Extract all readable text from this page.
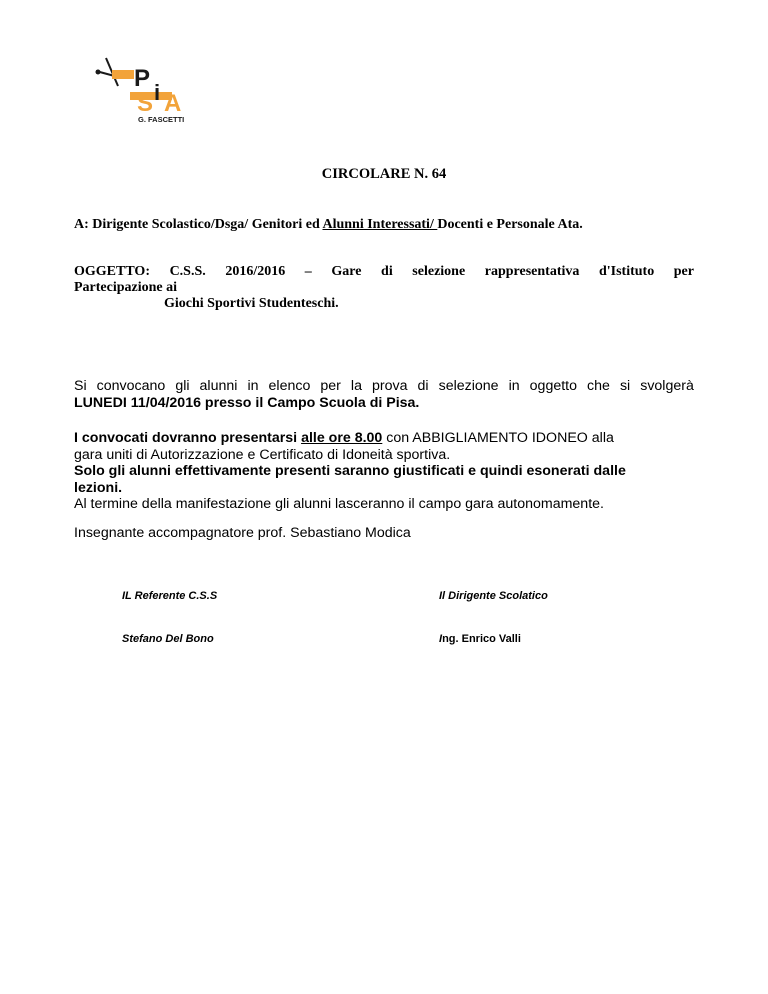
P
S i A
G. FASCETTI
CIRCOLARE N. 64
A: Dirigente Scolastico/Dsga/ Genitori ed Alunni Interessati/ Docenti e Personale Ata.
OGGETTO: C.S.S. 2016/2016 – Gare di selezione rappresentativa d'Istituto per
Partecipazione ai
Giochi Sportivi Studenteschi.
Si convocano gli alunni in elenco per la prova di selezione in oggetto che si svolgerà
LUNEDI 11/04/2016 presso il Campo Scuola di Pisa.
I convocati dovranno presentarsi alle ore 8.00 con ABBIGLIAMENTO IDONEO alla
gara uniti di Autorizzazione e Certificato di Idoneità sportiva.
Solo gli alunni effettivamente presenti saranno giustificati e quindi esonerati dalle
lezioni.
Al termine della manifestazione gli alunni lasceranno il campo gara autonomamente.
Insegnante accompagnatore prof. Sebastiano Modica
IL Referente C.S.S	Il Dirigente Scolatico
Stefano Del Bono	Ing. Enrico Valli
